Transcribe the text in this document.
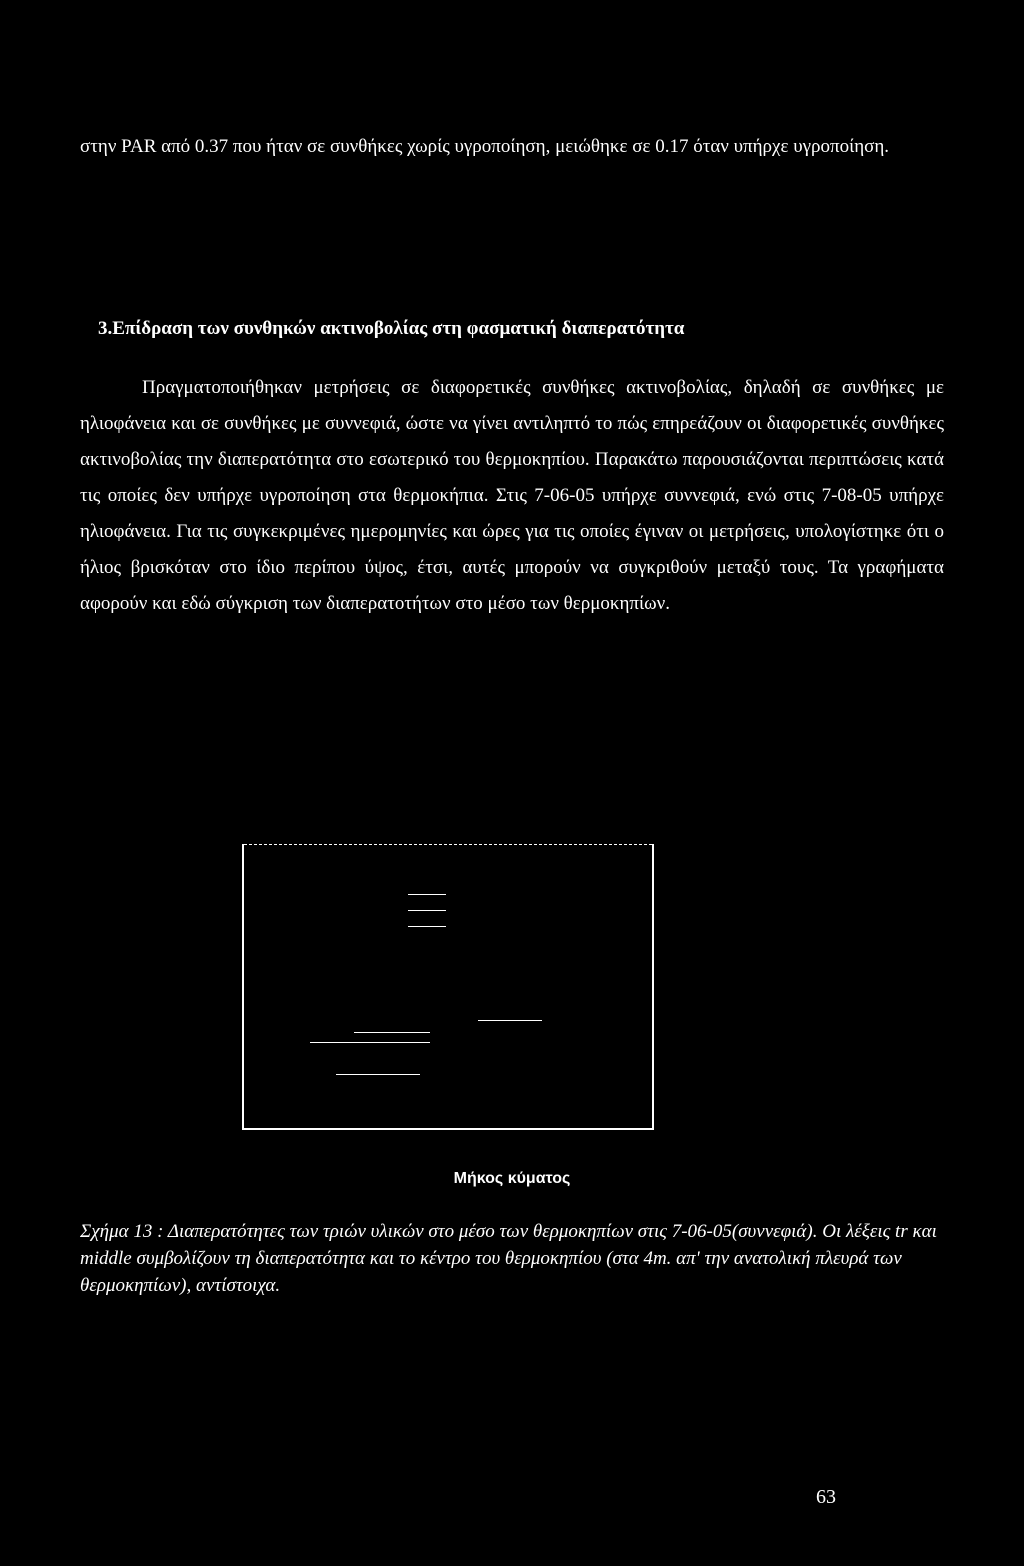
στην PAR από 0.37 που ήταν σε συνθήκες χωρίς υγροποίηση, μειώθηκε σε 0.17 όταν υπήρχε υγροποίηση.

3.Επίδραση των συνθηκών ακτινοβολίας στη φασματική διαπερατότητα

Πραγματοποιήθηκαν μετρήσεις σε διαφορετικές συνθήκες ακτινοβολίας, δηλαδή σε συνθήκες με ηλιοφάνεια και σε συνθήκες με συννεφιά, ώστε να γίνει αντιληπτό το πώς επηρεάζουν οι διαφορετικές συνθήκες ακτινοβολίας την διαπερατότητα στο εσωτερικό του θερμοκηπίου. Παρακάτω παρουσιάζονται περιπτώσεις κατά τις οποίες δεν υπήρχε υγροποίηση στα θερμοκήπια. Στις 7-06-05 υπήρχε συννεφιά, ενώ στις 7-08-05 υπήρχε ηλιοφάνεια. Για τις συγκεκριμένες ημερομηνίες και ώρες για τις οποίες έγιναν οι μετρήσεις, υπολογίστηκε ότι ο ήλιος βρισκόταν στο ίδιο περίπου ύψος, έτσι, αυτές μπορούν να συγκριθούν μεταξύ τους. Τα γραφήματα αφορούν και εδώ σύγκριση των διαπερατοτήτων στο μέσο των θερμοκηπίων.

Μήκος κύματος

Σχήμα 13 : Διαπερατότητες των τριών υλικών στο μέσο των θερμοκηπίων στις 7-06-05(συννεφιά). Οι λέξεις tr και middle συμβολίζουν τη διαπερατότητα και το κέντρο του θερμοκηπίου (στα 4m. απ' την ανατολική πλευρά των θερμοκηπίων), αντίστοιχα.

63
